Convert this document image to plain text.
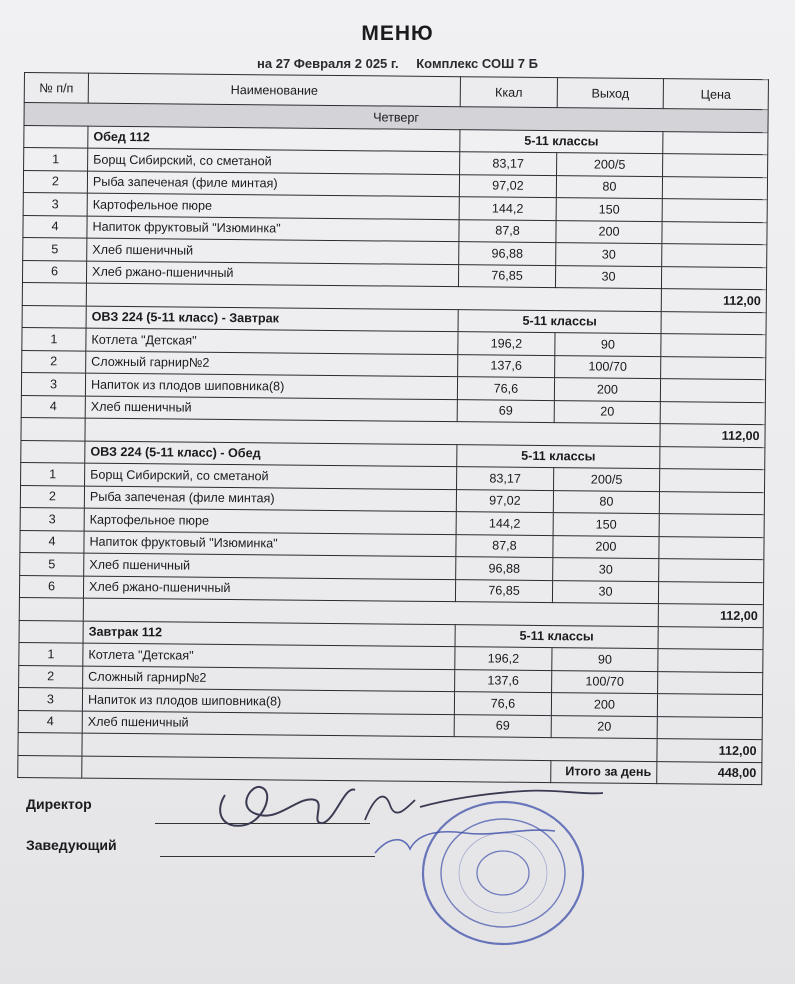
МЕНЮ
на 27 Февраля 2 025 г. Комплекс СОШ 7 Б
№ п/п	Наименование	Ккал	Выход	Цена
Четверг				
	Обед 112	5-11 классы		
1	Борщ Сибирский, со сметаной	83,17	200/5	
2	Рыба запеченая (филе минтая)	97,02	80	
3	Картофельное пюре	144,2	150	
4	Напиток фруктовый "Изюминка"	87,8	200	
5	Хлеб пшеничный	96,88	30	
6	Хлеб ржано-пшеничный	76,85	30	
				112,00
	ОВЗ 224 (5-11 класс) - Завтрак	5-11 классы		
1	Котлета "Детская"	196,2	90	
2	Сложный гарнир№2	137,6	100/70	
3	Напиток из плодов шиповника(8)	76,6	200	
4	Хлеб пшеничный	69	20	
				112,00
	ОВЗ 224 (5-11 класс) - Обед	5-11 классы		
1	Борщ Сибирский, со сметаной	83,17	200/5	
2	Рыба запеченая (филе минтая)	97,02	80	
3	Картофельное пюре	144,2	150	
4	Напиток фруктовый "Изюминка"	87,8	200	
5	Хлеб пшеничный	96,88	30	
6	Хлеб ржано-пшеничный	76,85	30	
				112,00
	Завтрак 112	5-11 классы		
1	Котлета "Детская"	196,2	90	
2	Сложный гарнир№2	137,6	100/70	
3	Напиток из плодов шиповника(8)	76,6	200	
4	Хлеб пшеничный	69	20	
				112,00
			Итого за день	448,00
Директор
Заведующий
